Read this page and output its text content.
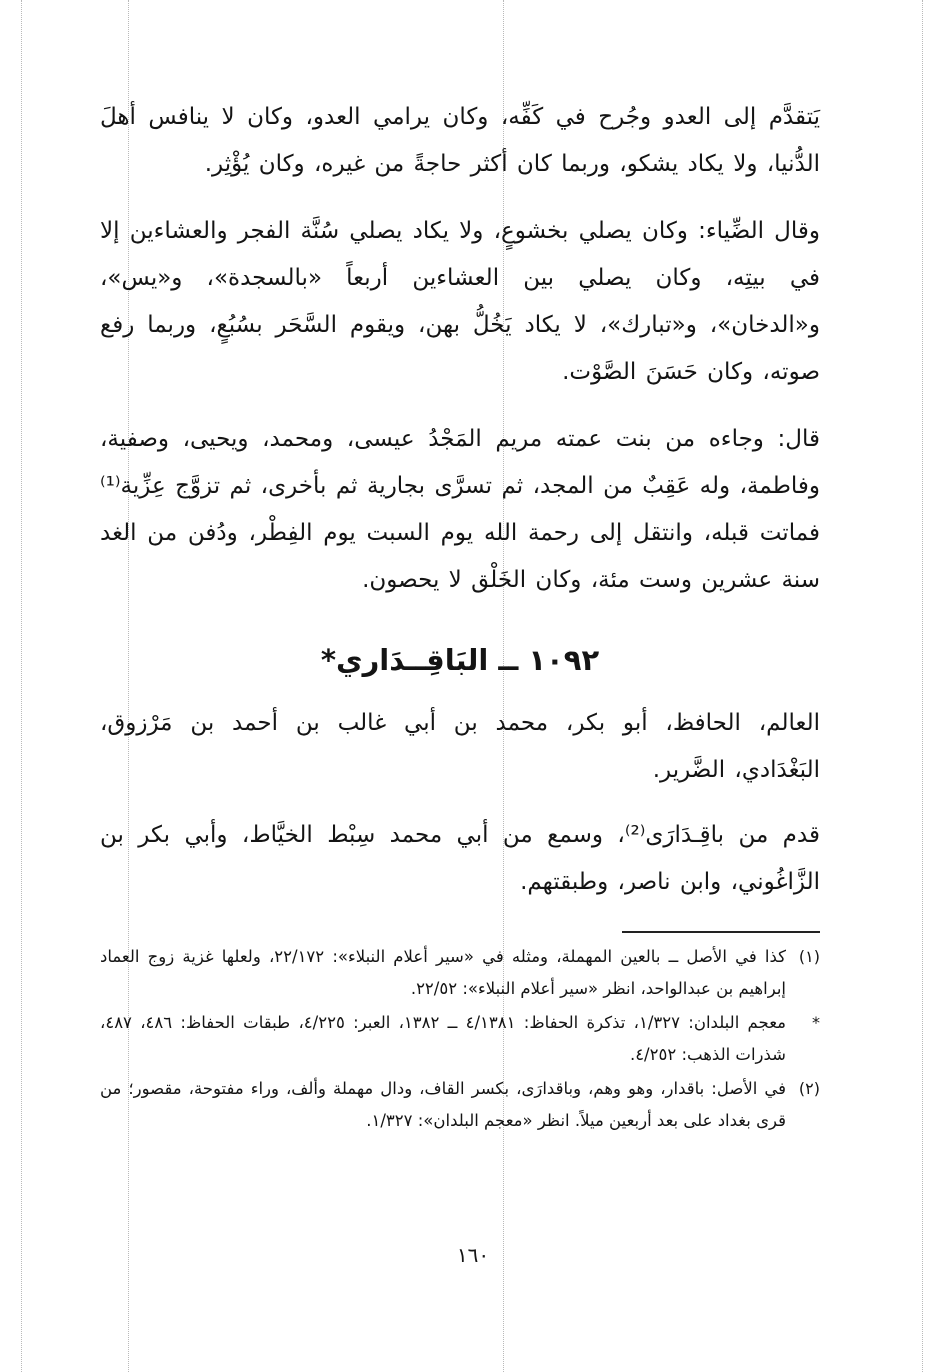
يَتقدَّم إلى العدو وجُرح في كَفِّه، وكان يرامي العدو، وكان لا ينافس أهلَ الدُّنيا، ولا يكاد يشكو، وربما كان أكثر حاجةً من غيره، وكان يُؤْثِر.

وقال الضِّياء: وكان يصلي بخشوعٍ، ولا يكاد يصلي سُنَّة الفجر والعشاءين إلا في بيتِه، وكان يصلي بين العشاءين أربعاً «بالسجدة»، و«يس»، و«الدخان»، و«تبارك»، لا يكاد يَخُلُّ بهن، ويقوم السَّحَر بسُبُعٍ، وربما رفع صوته، وكان حَسَنَ الصَّوْت.

قال: وجاءه من بنت عمته مريم المَجْدُ عيسى، ومحمد، ويحيى، وصفية، وفاطمة، وله عَقِبٌ من المجد، ثم تسرَّى بجارية ثم بأخرى، ثم تزوَّج عِزِّية⁽¹⁾ فماتت قبله، وانتقل إلى رحمة الله يوم السبت يوم الفِطْر، ودُفن من الغد سنة عشرين وست مئة، وكان الخَلْق لا يحصون.

١٠٩٢ ــ البَاقِــدَاري*

العالم، الحافظ، أبو بكر، محمد بن أبي غالب بن أحمد بن مَرْزوق، البَغْدَادي، الضَّرير.

قدم من باقِـدَارَى⁽²⁾، وسمع من أبي محمد سِبْط الخيَّاط، وأبي بكر بن الزَّاغُوني، وابن ناصر، وطبقتهم.

(١)

كذا في الأصل ــ بالعين المهملة، ومثله في «سير أعلام النبلاء»: ٢٢/١٧٢، ولعلها غزية زوج العماد إبراهيم بن عبدالواحد، انظر «سير أعلام النبلاء»: ٢٢/٥٢.

*

معجم البلدان: ١/٣٢٧، تذكرة الحفاظ: ٤/١٣٨١ ــ ١٣٨٢، العبر: ٤/٢٢٥، طبقات الحفاظ: ٤٨٦، ٤٨٧، شذرات الذهب: ٤/٢٥٢.

(٢)

في الأصل: باقدار، وهو وهم، وباقدارَى، بكسر القاف، ودال مهملة وألف، وراء مفتوحة، مقصور؛ من قرى بغداد على بعد أربعين ميلاً. انظر «معجم البلدان»: ١/٣٢٧.

١٦٠
